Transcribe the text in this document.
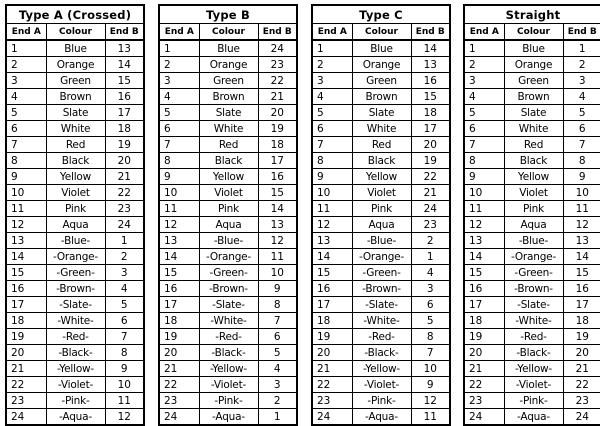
Type A (Crossed)		
End A	Colour	End B
1	Blue	13
2	Orange	14
3	Green	15
4	Brown	16
5	Slate	17
6	White	18
7	Red	19
8	Black	20
9	Yellow	21
10	Violet	22
11	Pink	23
12	Aqua	24
13	-Blue-	1
14	-Orange-	2
15	-Green-	3
16	-Brown-	4
17	-Slate-	5
18	-White-	6
19	-Red-	7
20	-Black-	8
21	-Yellow-	9
22	-Violet-	10
23	-Pink-	11
24	-Aqua-	12
Type B		
End A	Colour	End B
1	Blue	24
2	Orange	23
3	Green	22
4	Brown	21
5	Slate	20
6	White	19
7	Red	18
8	Black	17
9	Yellow	16
10	Violet	15
11	Pink	14
12	Aqua	13
13	-Blue-	12
14	-Orange-	11
15	-Green-	10
16	-Brown-	9
17	-Slate-	8
18	-White-	7
19	-Red-	6
20	-Black-	5
21	-Yellow-	4
22	-Violet-	3
23	-Pink-	2
24	-Aqua-	1
Type C		
End A	Colour	End B
1	Blue	14
2	Orange	13
3	Green	16
4	Brown	15
5	Slate	18
6	White	17
7	Red	20
8	Black	19
9	Yellow	22
10	Violet	21
11	Pink	24
12	Aqua	23
13	-Blue-	2
14	-Orange-	1
15	-Green-	4
16	-Brown-	3
17	-Slate-	6
18	-White-	5
19	-Red-	8
20	-Black-	7
21	-Yellow-	10
22	-Violet-	9
23	-Pink-	12
24	-Aqua-	11
Straight		
End A	Colour	End B
1	Blue	1
2	Orange	2
3	Green	3
4	Brown	4
5	Slate	5
6	White	6
7	Red	7
8	Black	8
9	Yellow	9
10	Violet	10
11	Pink	11
12	Aqua	12
13	-Blue-	13
14	-Orange-	14
15	-Green-	15
16	-Brown-	16
17	-Slate-	17
18	-White-	18
19	-Red-	19
20	-Black-	20
21	-Yellow-	21
22	-Violet-	22
23	-Pink-	23
24	-Aqua-	24
